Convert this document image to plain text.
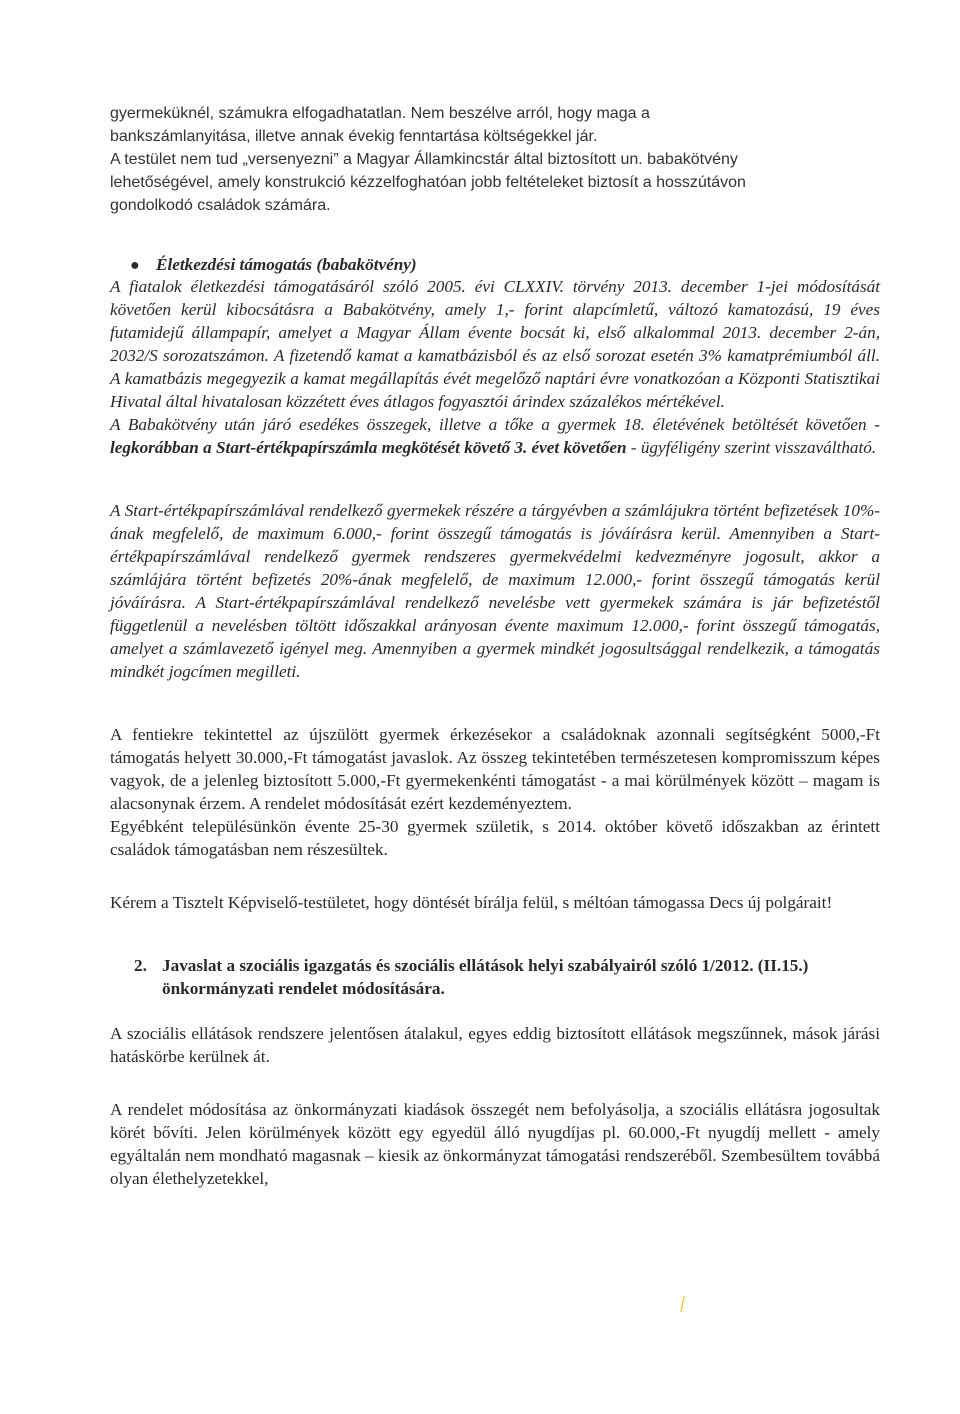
gyermeküknél, számukra elfogadhatatlan. Nem beszélve arról, hogy maga a

bankszámlanyitása, illetve annak évekig fenntartása költségekkel jár.

A testület nem tud „versenyezni” a Magyar Államkincstár által biztosított un. babakötvény

lehetőségével, amely konstrukció kézzelfoghatóan jobb feltételeket biztosít a hosszútávon

gondolkodó családok számára.

● Életkezdési támogatás (babakötvény)

A fiatalok életkezdési támogatásáról szóló 2005. évi CLXXIV. törvény 2013. december 1-jei módosítását követően kerül kibocsátásra a Babakötvény, amely 1,- forint alapcímletű, változó kamatozású, 19 éves futamidejű állampapír, amelyet a Magyar Állam évente bocsát ki, első alkalommal 2013. december 2-án, 2032/S sorozatszámon. A fizetendő kamat a kamatbázisból és az első sorozat esetén 3% kamatprémiumból áll. A kamatbázis megegyezik a kamat megállapítás évét megelőző naptári évre vonatkozóan a Központi Statisztikai Hivatal által hivatalosan közzétett éves átlagos fogyasztói árindex százalékos mértékével.

A Babakötvény után járó esedékes összegek, illetve a tőke a gyermek 18. életévének betöltését követően - legkorábban a Start-értékpapírszámla megkötését követő 3. évet követően - ügyféligény szerint visszaváltható.

A Start-értékpapírszámlával rendelkező gyermekek részére a tárgyévben a számlájukra történt befizetések 10%-ának megfelelő, de maximum 6.000,- forint összegű támogatás is jóváírásra kerül. Amennyiben a Start-értékpapírszámlával rendelkező gyermek rendszeres gyermekvédelmi kedvezményre jogosult, akkor a számlájára történt befizetés 20%-ának megfelelő, de maximum 12.000,- forint összegű támogatás kerül jóváírásra. A Start-értékpapírszámlával rendelkező nevelésbe vett gyermekek számára is jár befizetéstől függetlenül a nevelésben töltött időszakkal arányosan évente maximum 12.000,- forint összegű támogatás, amelyet a számlavezető igényel meg. Amennyiben a gyermek mindkét jogosultsággal rendelkezik, a támogatás mindkét jogcímen megilleti.

A fentiekre tekintettel az újszülött gyermek érkezésekor a családoknak azonnali segítségként 5000,-Ft támogatás helyett 30.000,-Ft támogatást javaslok. Az összeg tekintetében természetesen kompromisszum képes vagyok, de a jelenleg biztosított 5.000,-Ft gyermekenkénti támogatást - a mai körülmények között – magam is alacsonynak érzem. A rendelet módosítását ezért kezdeményeztem.

Egyébként településünkön évente 25-30 gyermek születik, s 2014. október követő időszakban az érintett családok támogatásban nem részesültek.

Kérem a Tisztelt Képviselő-testületet, hogy döntését bírálja felül, s méltóan támogassa Decs új polgárait!

2. Javaslat a szociális igazgatás és szociális ellátások helyi szabályairól szóló 1/2012. (II.15.) önkormányzati rendelet módosítására.

A szociális ellátások rendszere jelentősen átalakul, egyes eddig biztosított ellátások megszűnnek, mások járási hatáskörbe kerülnek át.

A rendelet módosítása az önkormányzati kiadások összegét nem befolyásolja, a szociális ellátásra jogosultak körét bővíti. Jelen körülmények között egy egyedül álló nyugdíjas pl. 60.000,-Ft nyugdíj mellett - amely egyáltalán nem mondható magasnak – kiesik az önkormányzat támogatási rendszeréből. Szembesültem továbbá olyan élethelyzetekkel,
